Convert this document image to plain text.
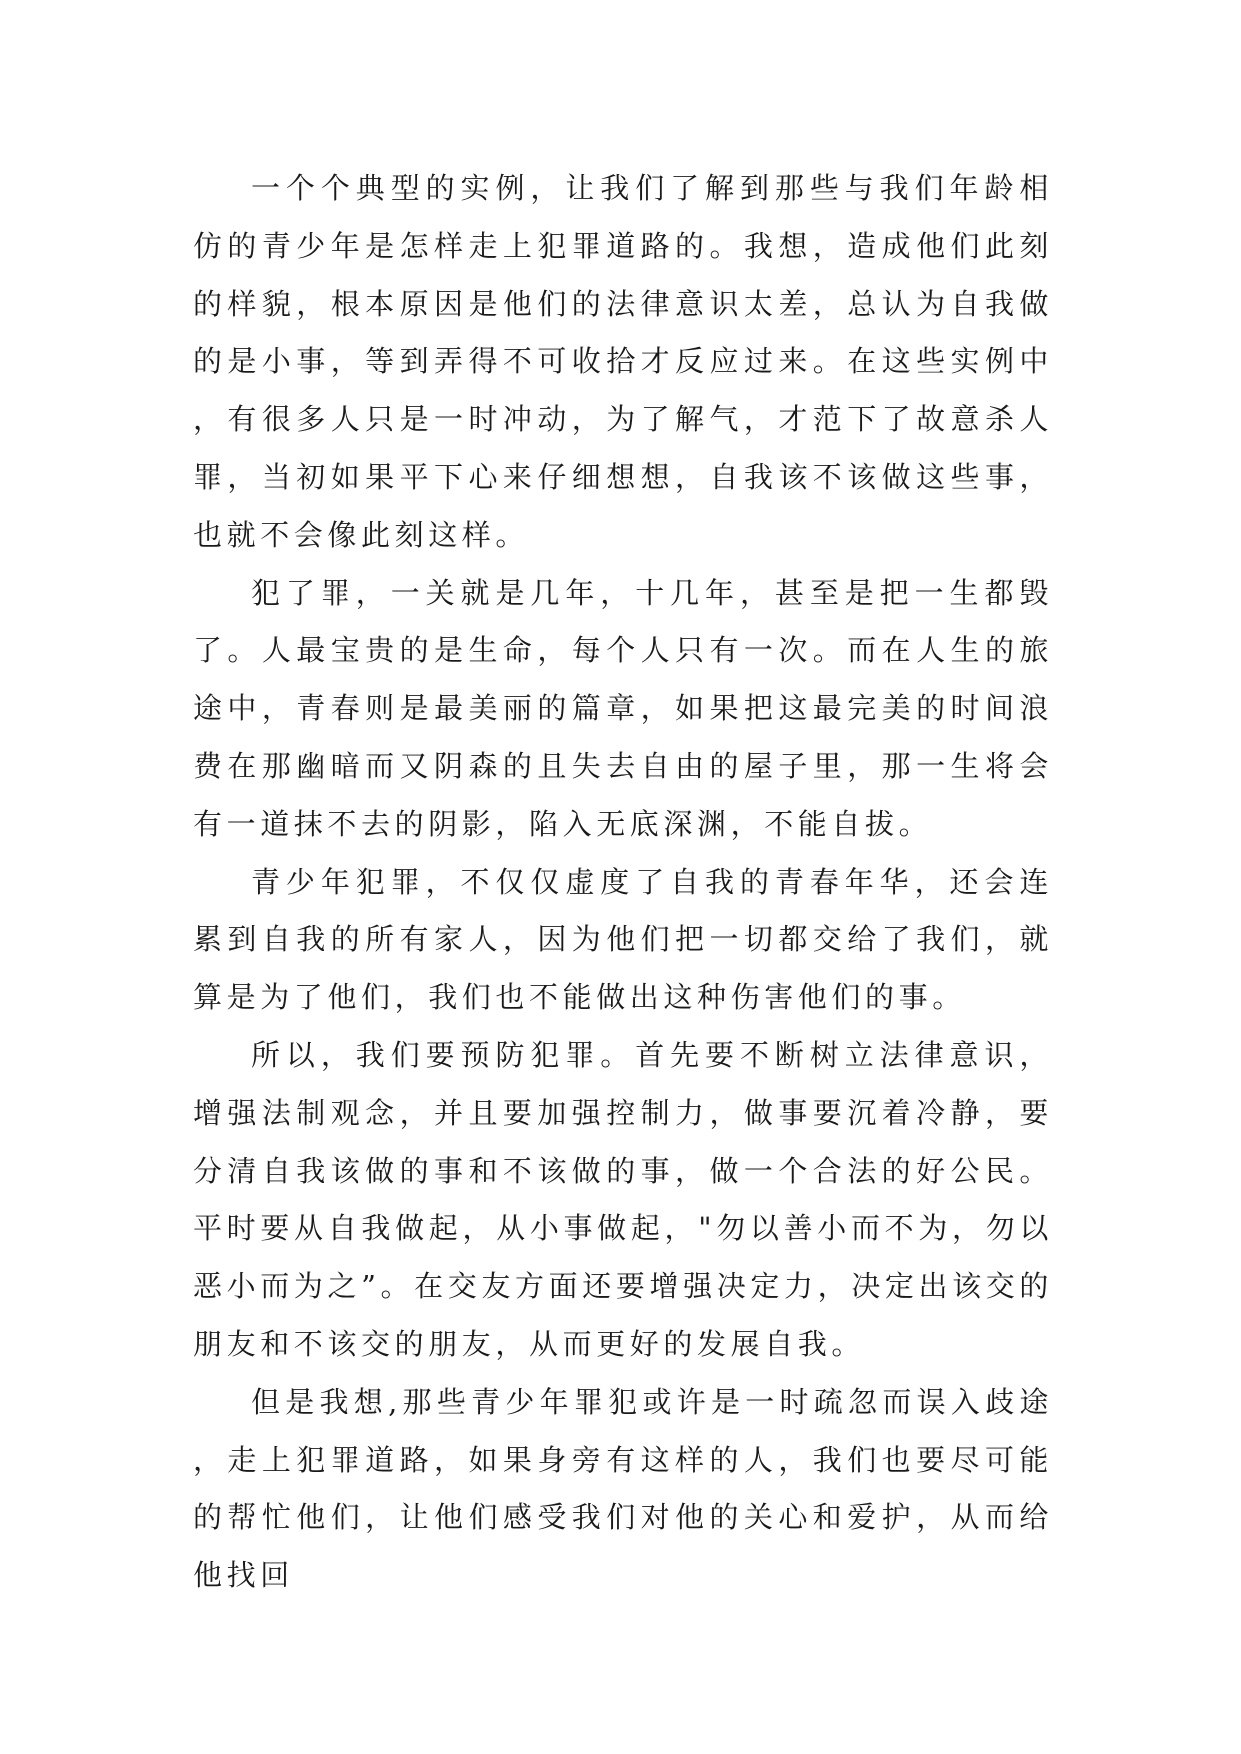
一个个典型的实例，让我们了解到那些与我们年龄相仿的青少年是怎样走上犯罪道路的。我想，造成他们此刻的样貌，根本原因是他们的法律意识太差，总认为自我做的是小事，等到弄得不可收拾才反应过来。在这些实例中，有很多人只是一时冲动，为了解气，才范下了故意杀人罪，当初如果平下心来仔细想想，自我该不该做这些事，也就不会像此刻这样。

犯了罪，一关就是几年，十几年，甚至是把一生都毁了。人最宝贵的是生命，每个人只有一次。而在人生的旅途中，青春则是最美丽的篇章，如果把这最完美的时间浪费在那幽暗而又阴森的且失去自由的屋子里，那一生将会有一道抹不去的阴影，陷入无底深渊，不能自拔。

青少年犯罪，不仅仅虚度了自我的青春年华，还会连累到自我的所有家人，因为他们把一切都交给了我们，就算是为了他们，我们也不能做出这种伤害他们的事。

所以，我们要预防犯罪。首先要不断树立法律意识，增强法制观念，并且要加强控制力，做事要沉着冷静，要分清自我该做的事和不该做的事，做一个合法的好公民。平时要从自我做起，从小事做起，"勿以善小而不为，勿以恶小而为之”。在交友方面还要增强决定力，决定出该交的朋友和不该交的朋友，从而更好的发展自我。

但是我想,那些青少年罪犯或许是一时疏忽而误入歧途，走上犯罪道路，如果身旁有这样的人，我们也要尽可能的帮忙他们，让他们感受我们对他的关心和爱护，从而给他找回
